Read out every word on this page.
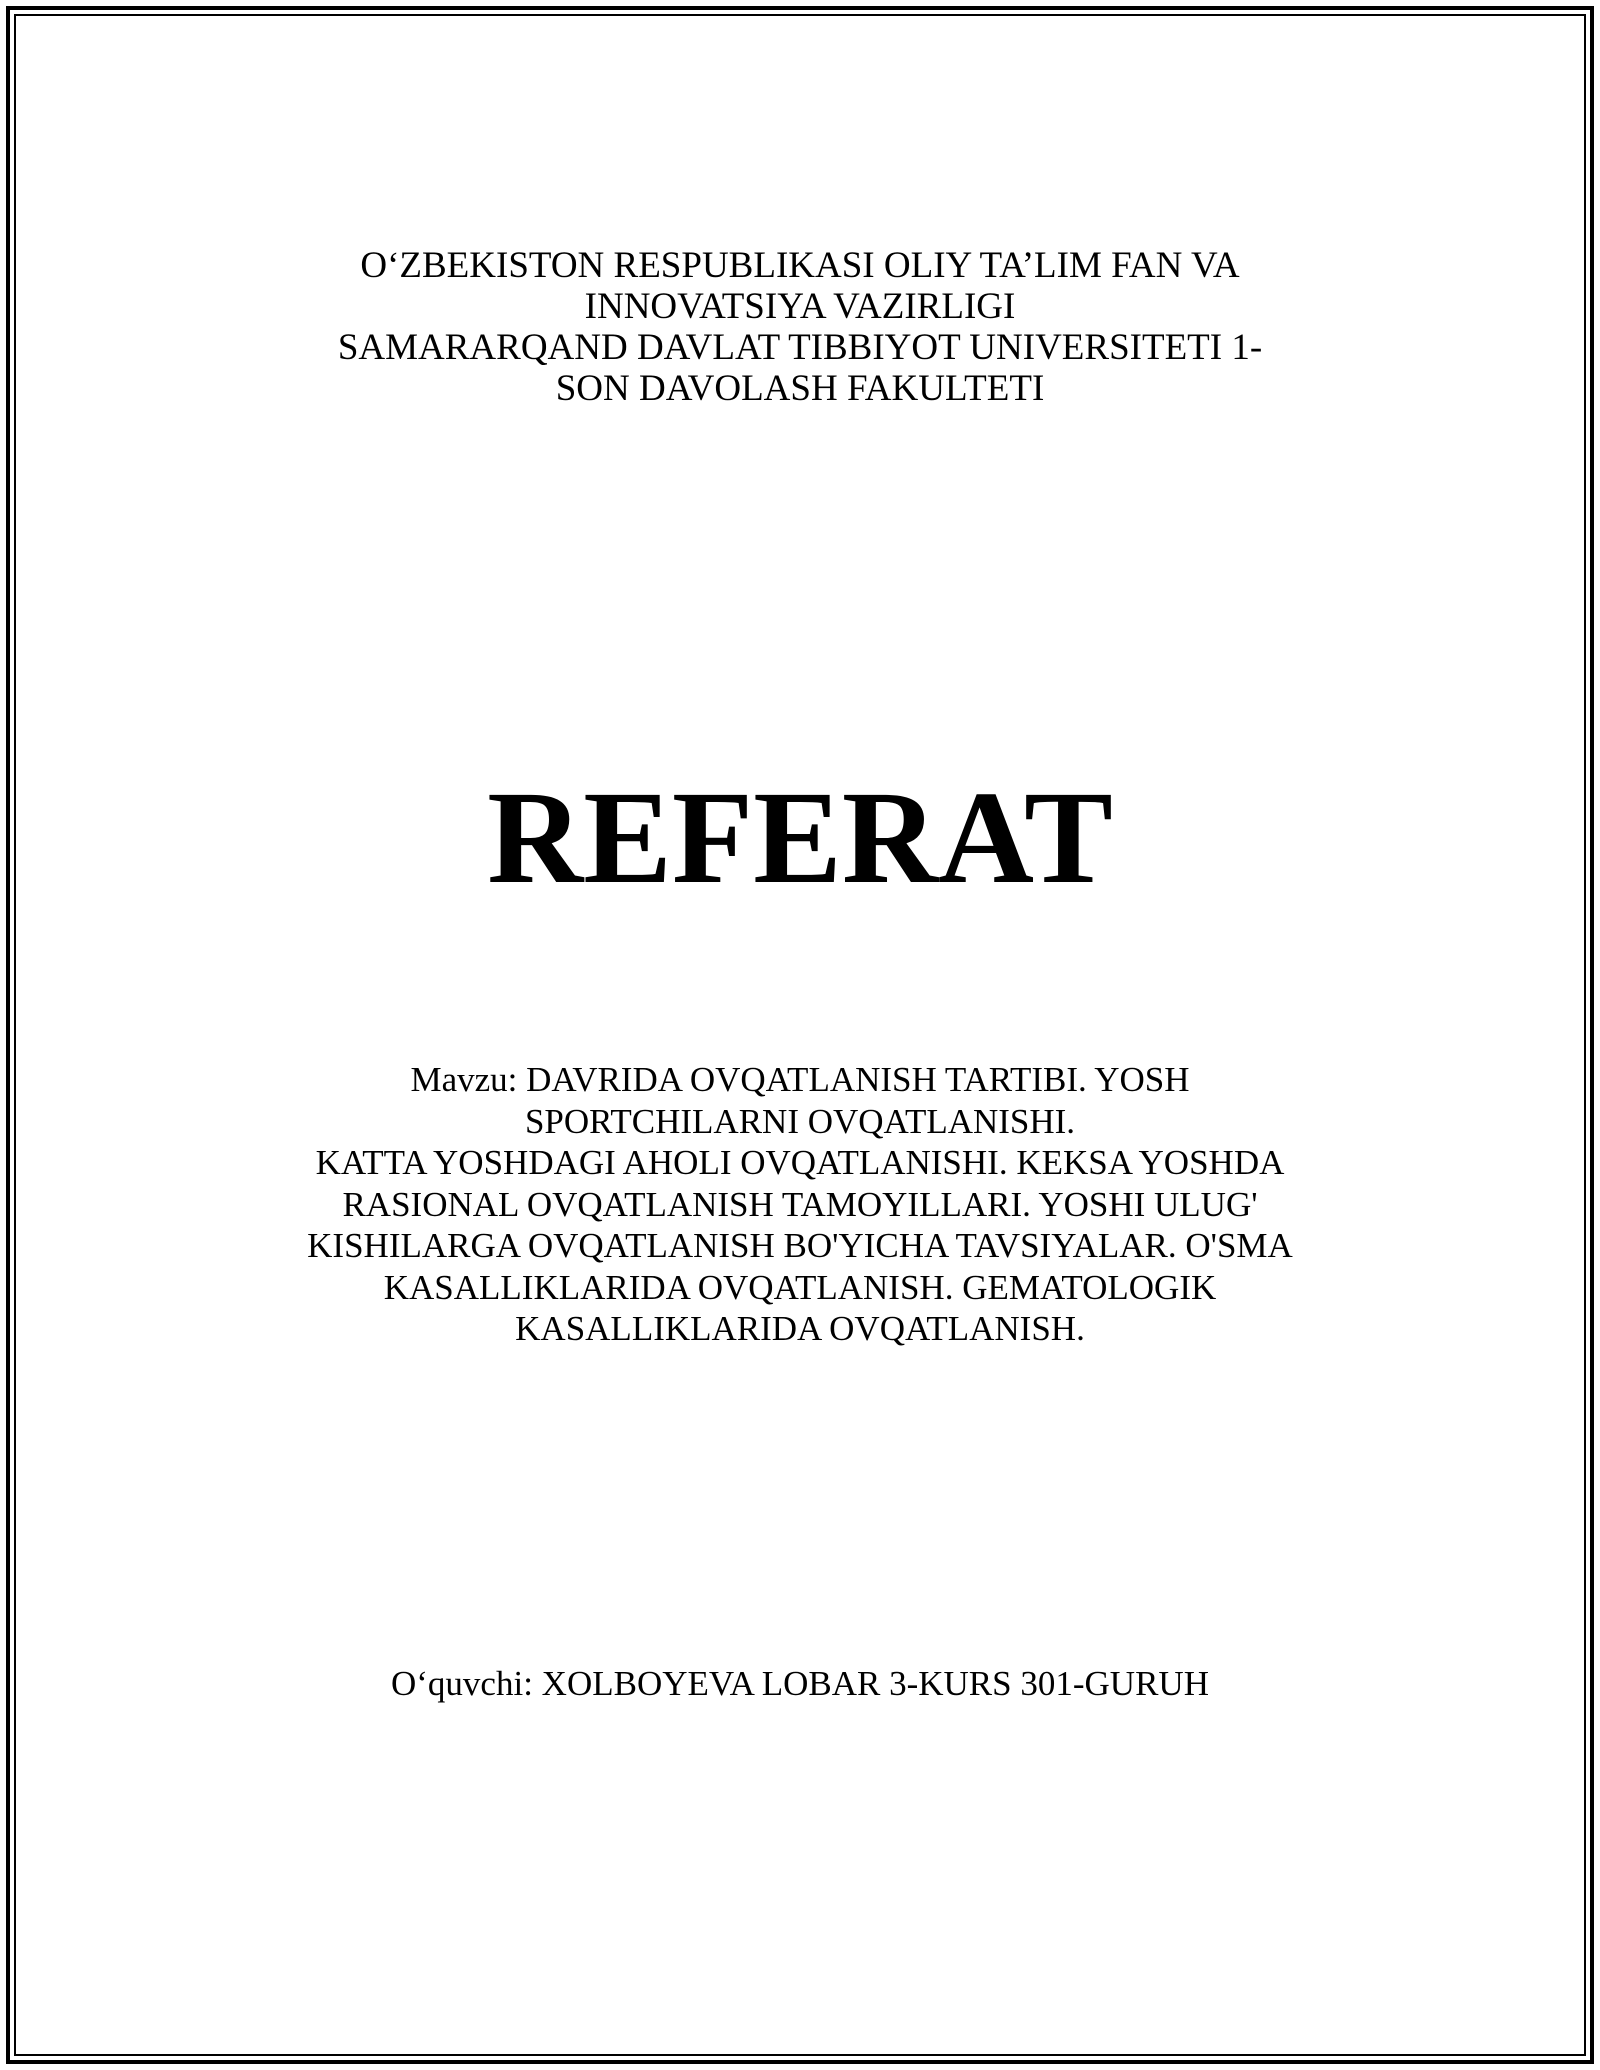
O‘ZBEKISTON RESPUBLIKASI OLIY TA’LIM FAN VA
INNOVATSIYA VAZIRLIGI
SAMARARQAND DAVLAT TIBBIYOT UNIVERSITETI 1-
SON DAVOLASH FAKULTETI
REFERAT
Mavzu: DAVRIDA OVQATLANISH TARTIBI. YOSH
SPORTCHILARNI OVQATLANISHI.
KATTA YOSHDAGI AHOLI OVQATLANISHI. KEKSA YOSHDA
RASIONAL OVQATLANISH TAMOYILLARI. YOSHI ULUG'
KISHILARGA OVQATLANISH BO'YICHA TAVSIYALAR. O'SMA
KASALLIKLARIDA OVQATLANISH. GEMATOLOGIK
KASALLIKLARIDA OVQATLANISH.
O‘quvchi: XOLBOYEVA LOBAR 3-KURS 301-GURUH
